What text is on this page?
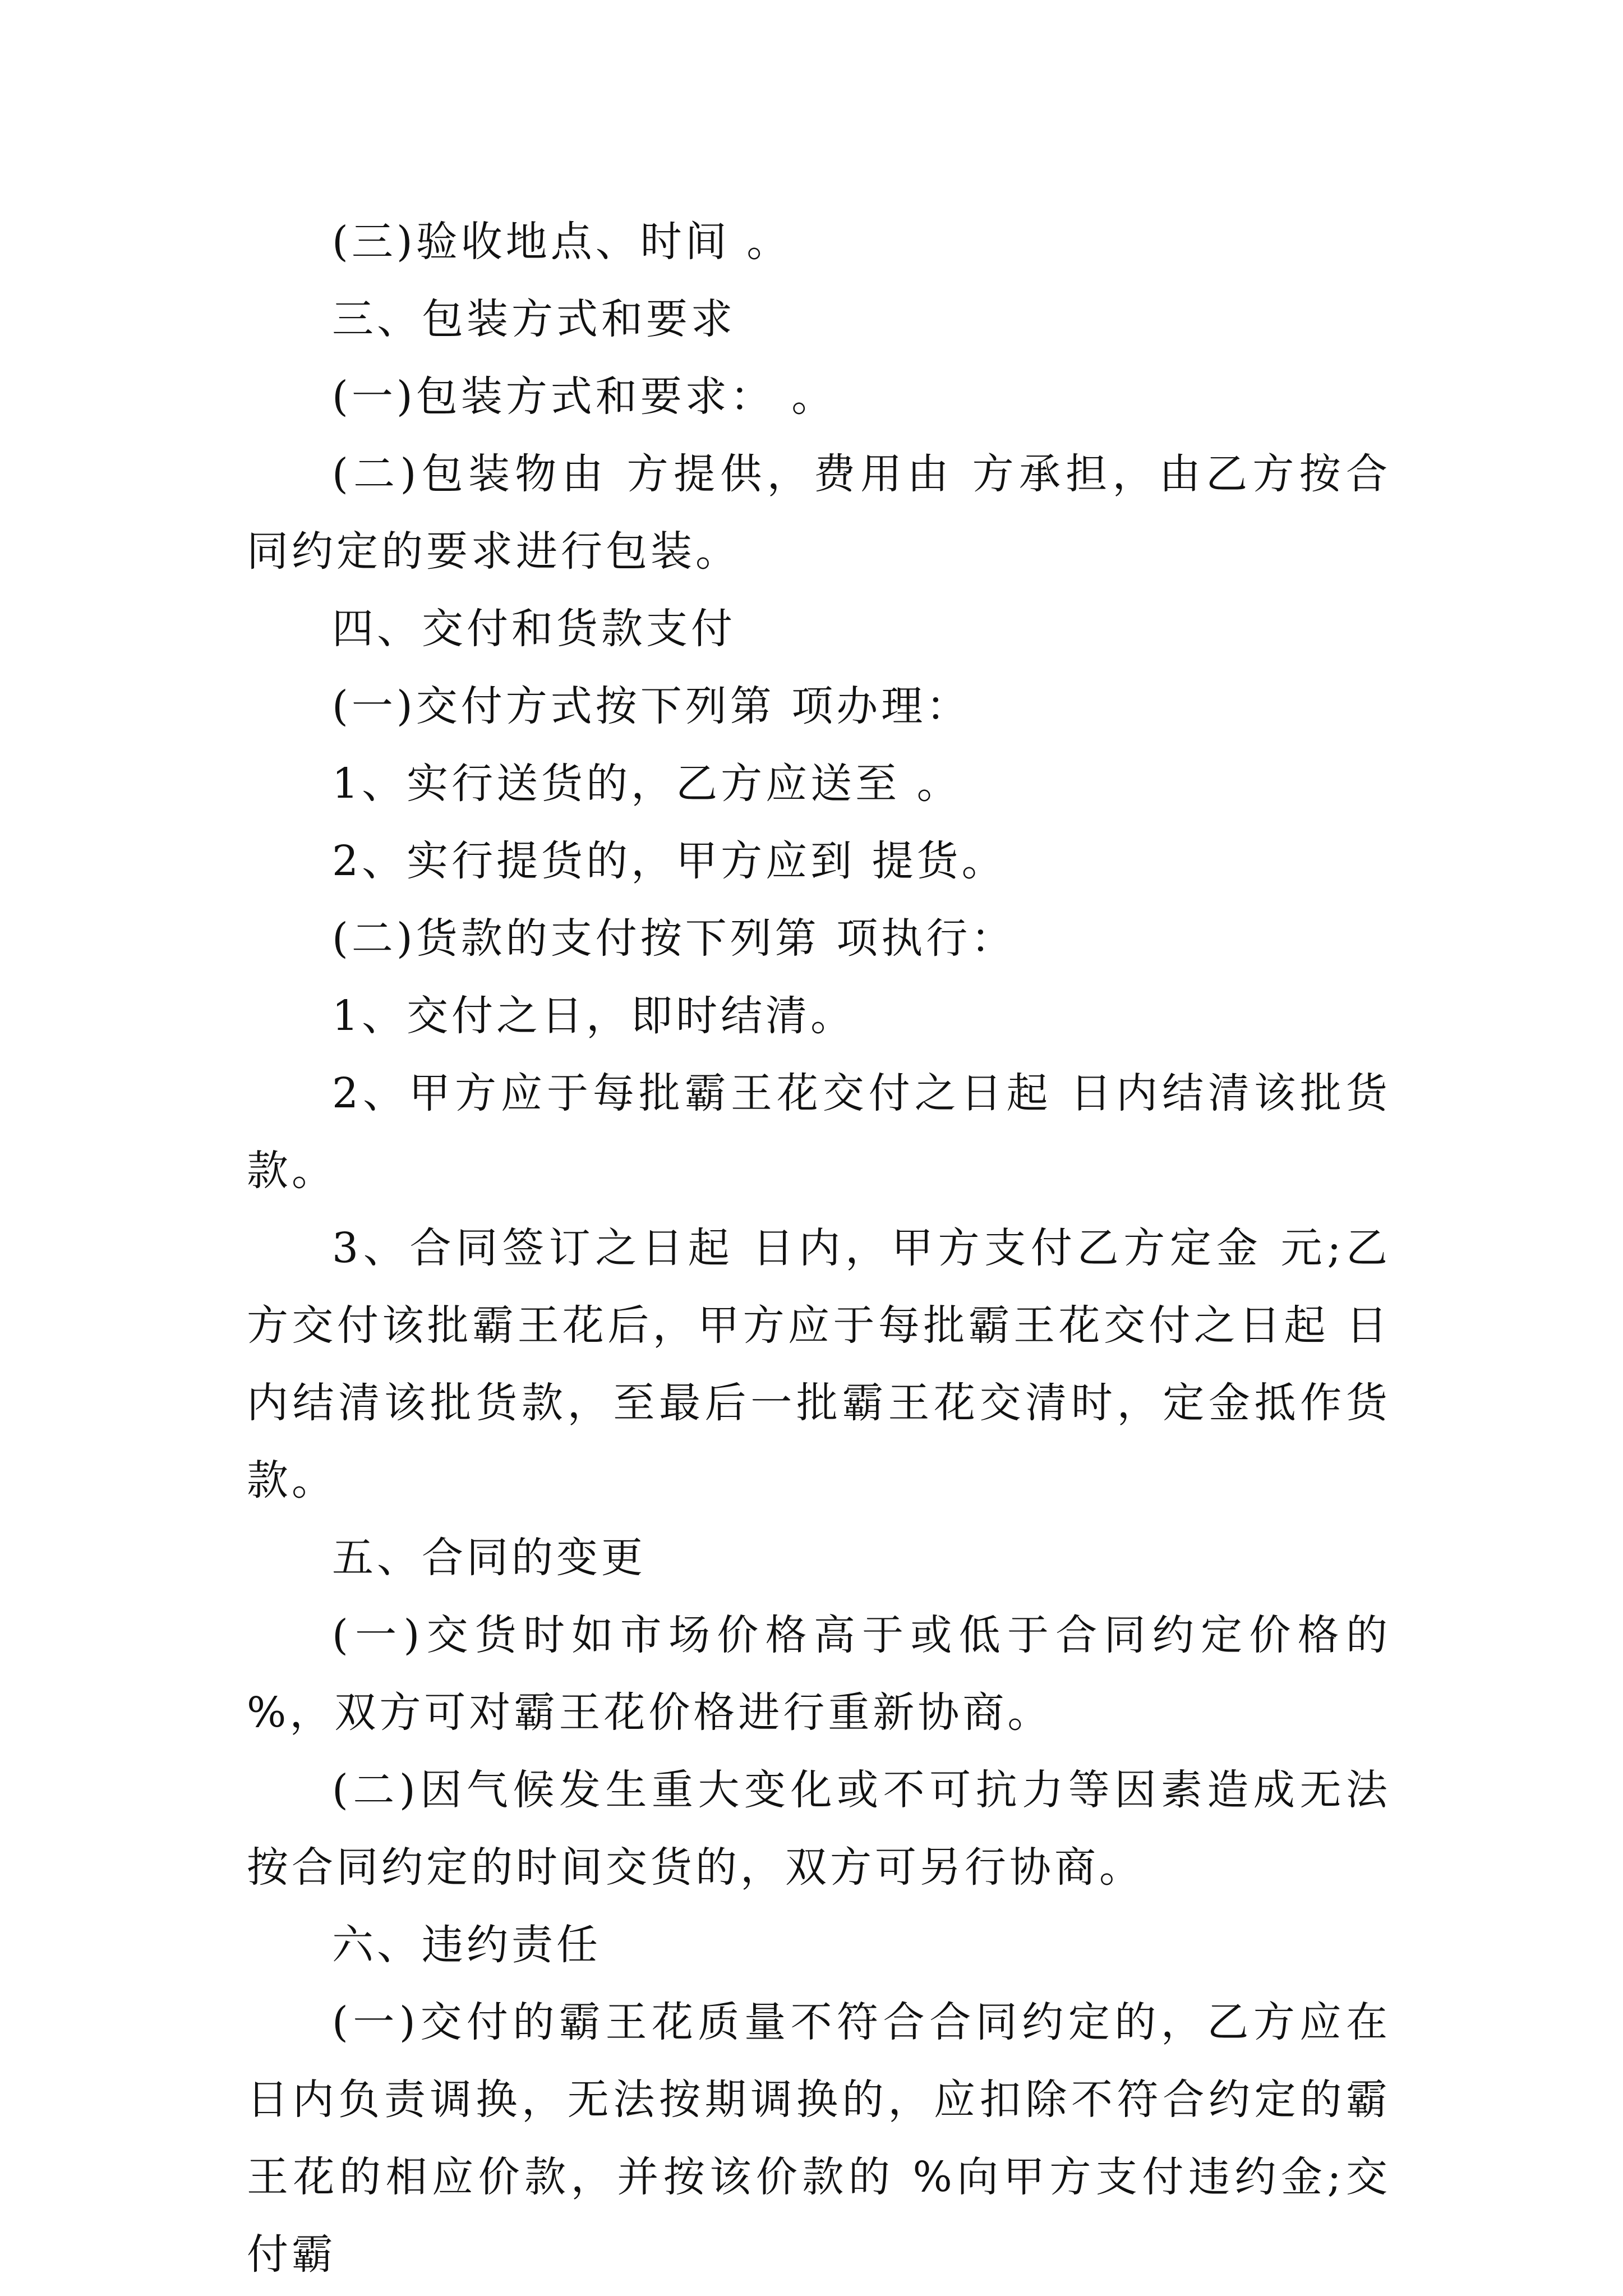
(三)验收地点、时间 。

三、包装方式和要求

(一)包装方式和要求： 。

(二)包装物由 方提供，费用由 方承担，由乙方按合同约定的要求进行包装。

四、交付和货款支付

(一)交付方式按下列第 项办理：

1、实行送货的，乙方应送至 。

2、实行提货的，甲方应到 提货。

(二)货款的支付按下列第 项执行：

1、交付之日，即时结清。

2、甲方应于每批霸王花交付之日起 日内结清该批货款。

3、合同签订之日起 日内，甲方支付乙方定金 元;乙方交付该批霸王花后，甲方应于每批霸王花交付之日起 日内结清该批货款，至最后一批霸王花交清时，定金抵作货款。

五、合同的变更

(一)交货时如市场价格高于或低于合同约定价格的 %，双方可对霸王花价格进行重新协商。

(二)因气候发生重大变化或不可抗力等因素造成无法按合同约定的时间交货的，双方可另行协商。

六、违约责任

(一)交付的霸王花质量不符合合同约定的，乙方应在日内负责调换，无法按期调换的，应扣除不符合约定的霸王花的相应价款，并按该价款的 %向甲方支付违约金;交付霸
